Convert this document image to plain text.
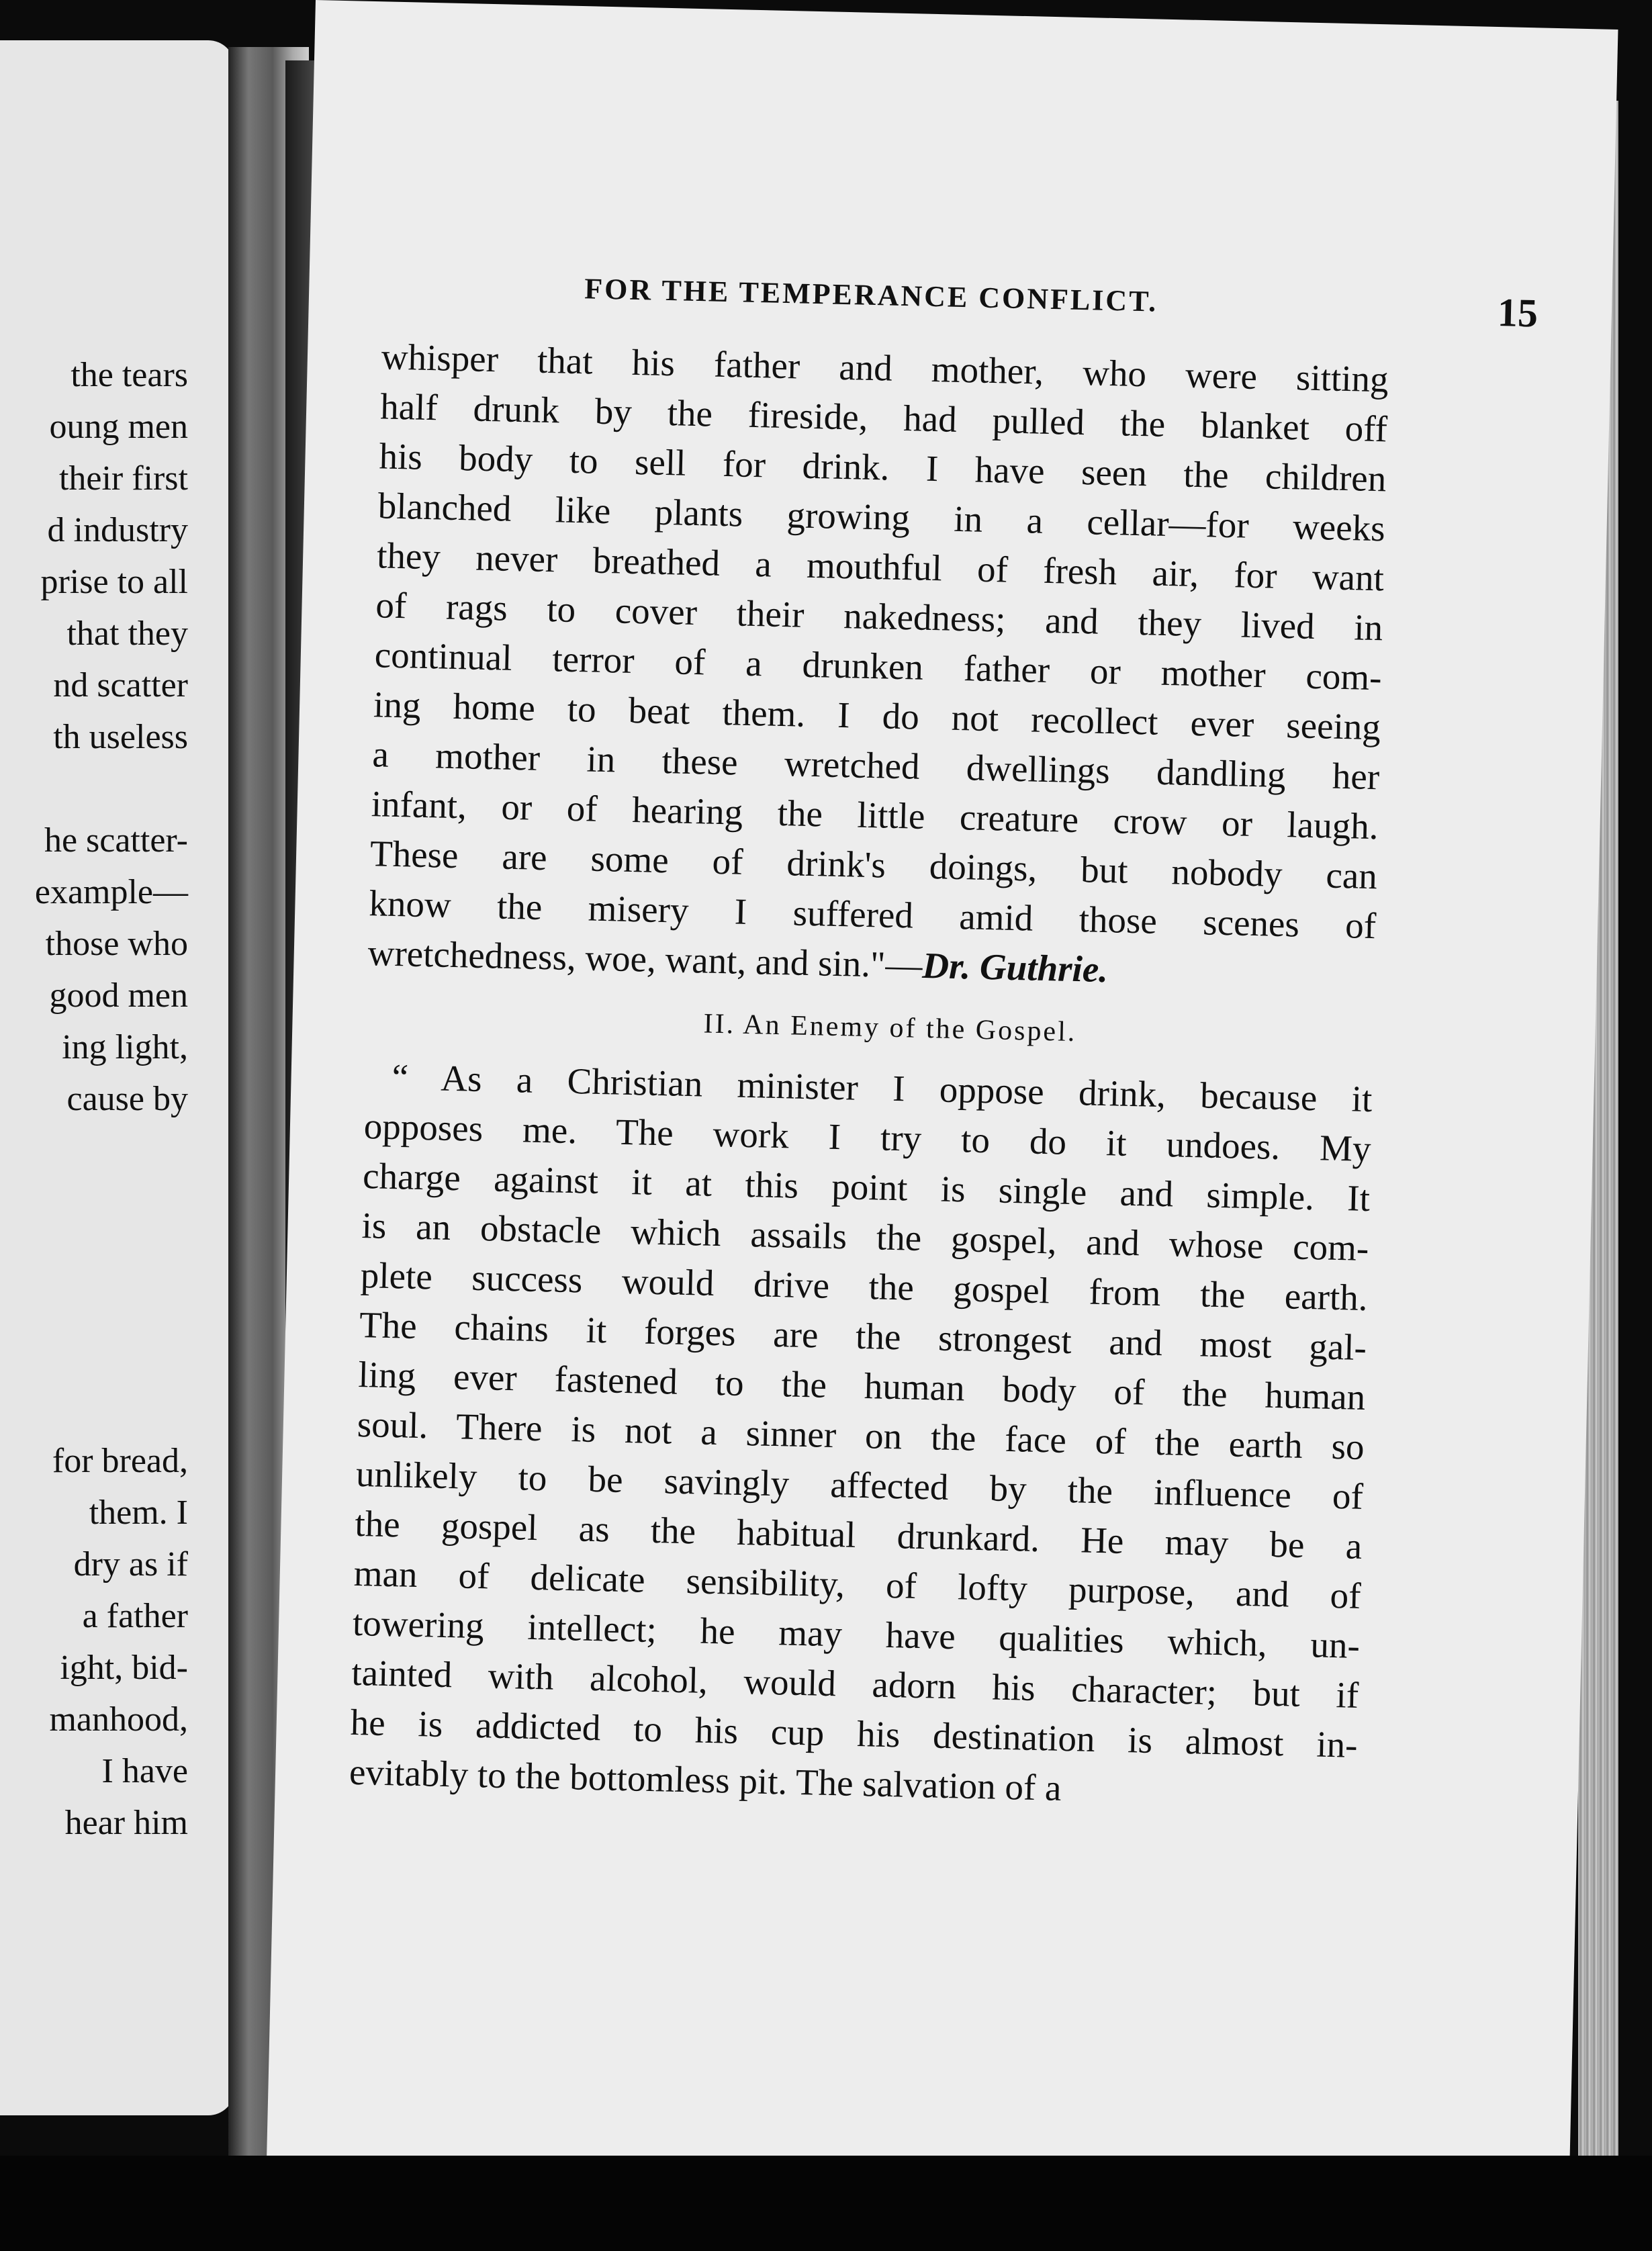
the tears
oung men
their first
d industry
prise to all
that they
nd scatter
th useless
he scatter-
example—
those who
good men
ing light,
cause by
for bread,
them. I
dry as if
a father
ight, bid-
manhood,
I have
hear him
FOR THE TEMPERANCE CONFLICT.	15
whisper that his father and mother, who were sitting
half drunk by the fireside, had pulled the blanket off
his body to sell for drink. I have seen the children
blanched like plants growing in a cellar—for weeks
they never breathed a mouthful of fresh air, for want
of rags to cover their nakedness; and they lived in
continual terror of a drunken father or mother com-
ing home to beat them. I do not recollect ever seeing
a mother in these wretched dwellings dandling her
infant, or of hearing the little creature crow or laugh.
These are some of drink's doings, but nobody can
know the misery I suffered amid those scenes of
wretchedness, woe, want, and sin."—Dr. Guthrie.
II. An Enemy of the Gospel.
“ As a Christian minister I oppose drink, because it
opposes me. The work I try to do it undoes. My
charge against it at this point is single and simple. It
is an obstacle which assails the gospel, and whose com-
plete success would drive the gospel from the earth.
The chains it forges are the strongest and most gal-
ling ever fastened to the human body of the human
soul. There is not a sinner on the face of the earth so
unlikely to be savingly affected by the influence of
the gospel as the habitual drunkard. He may be a
man of delicate sensibility, of lofty purpose, and of
towering intellect; he may have qualities which, un-
tainted with alcohol, would adorn his character; but if
he is addicted to his cup his destination is almost in-
evitably to the bottomless pit. The salvation of a
